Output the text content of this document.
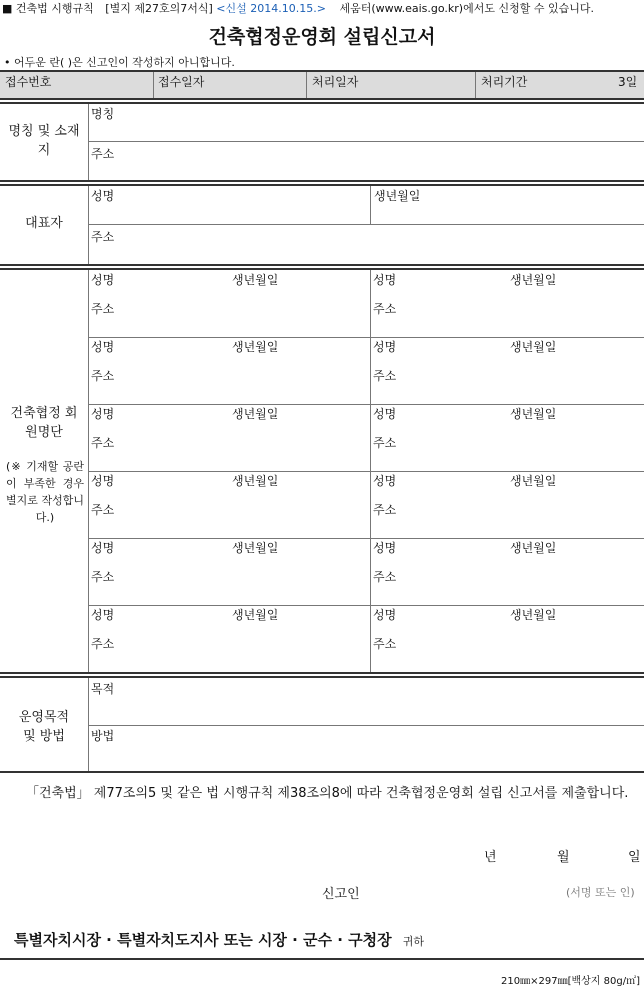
■ 건축법 시행규칙 [별지 제27호의7서식] <신설 2014.10.15.> 세움터(www.eais.go.kr)에서도 신청할 수 있습니다.
건축협정운영회 설립신고서
• 어두운 란( )은 신고인이 작성하지 아니합니다.
접수번호	접수일자	처리일자	처리기간	3일
명칭 및 소재지
명칭
주소
대표자
성명	생년월일
주소
건축협정 회원명단
(※ 기재할 공란이 부족한 경우 별지로 작성합니다.)
성명	생년월일
주소
성명	생년월일
주소
성명	생년월일
주소
성명	생년월일
주소
성명	생년월일
주소
성명	생년월일
주소
성명	생년월일
주소
성명	생년월일
주소
성명	생년월일
주소
성명	생년월일
주소
성명	생년월일
주소
성명	생년월일
주소
운영목적 및 방법
목적
방법
「건축법」 제77조의5 및 같은 법 시행규칙 제38조의8에 따라 건축협정운영회 설립 신고서를 제출합니다.
년	월	일
신고인	(서명 또는 인)
특별자치시장 · 특별자치도지사 또는 시장 · 군수 · 구청장 귀하
210㎜×297㎜[백상지 80g/㎡]
